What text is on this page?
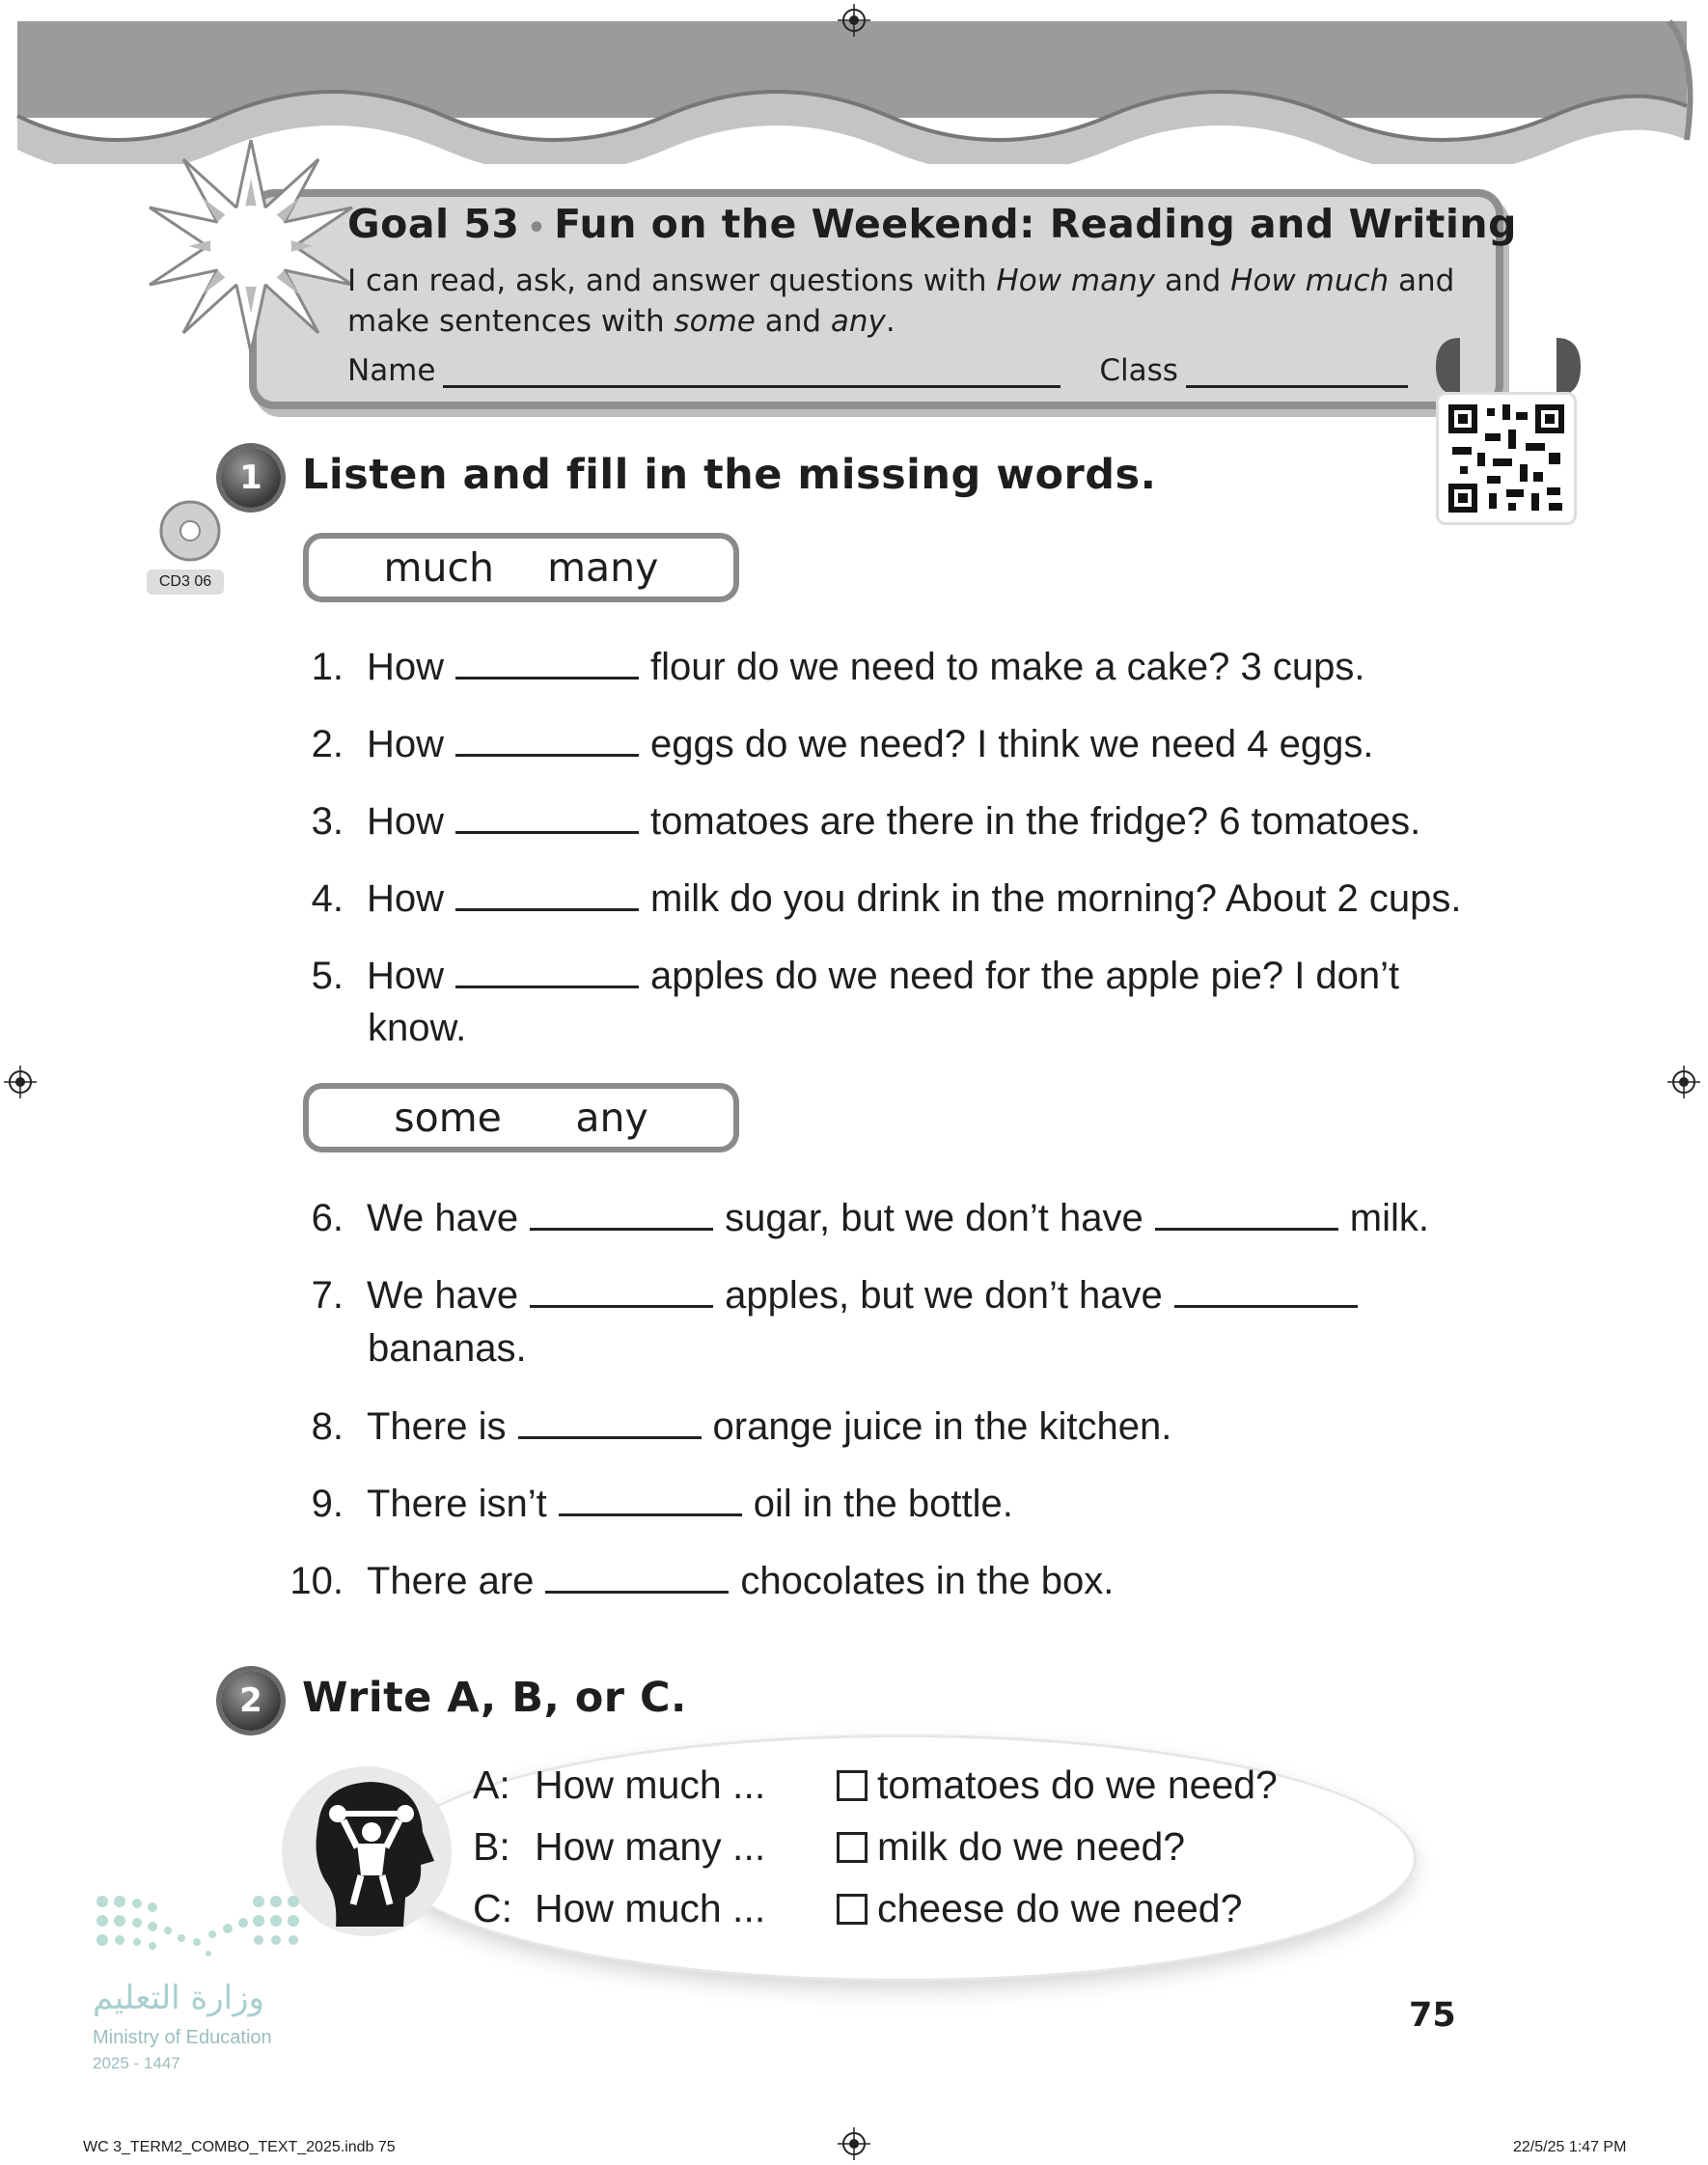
Goal 53 • Fun on the Weekend: Reading and Writing
I can read, ask, and answer questions with How many and How much and make sentences with some and any.
Name	Class
1 Listen and fill in the missing words.
CD3 06	much many
1. How	flour do we need to make a cake? 3 cups.
2. How	eggs do we need? I think we need 4 eggs.
3. How	tomatoes are there in the fridge? 6 tomatoes.
4. How	milk do you drink in the morning? About 2 cups.
5. How	apples do we need for the apple pie? I don’t
know.
some any
6. We have	sugar, but we don’t have	milk.
7. We have	apples, but we don’t have
bananas.
8. There is	orange juice in the kitchen.
9. There isn’t	oil in the bottle.
10. There are	chocolates in the box.
2 Write A, B, or C.
A: How much ...	tomatoes do we need?
B: How many ...	milk do we need?
C: How much ...	cheese do we need?
وزارة التعليم
Ministry of Education
2025 - 1447
75
WC 3_TERM2_COMBO_TEXT_2025.indb 75	22/5/25 1:47 PM
